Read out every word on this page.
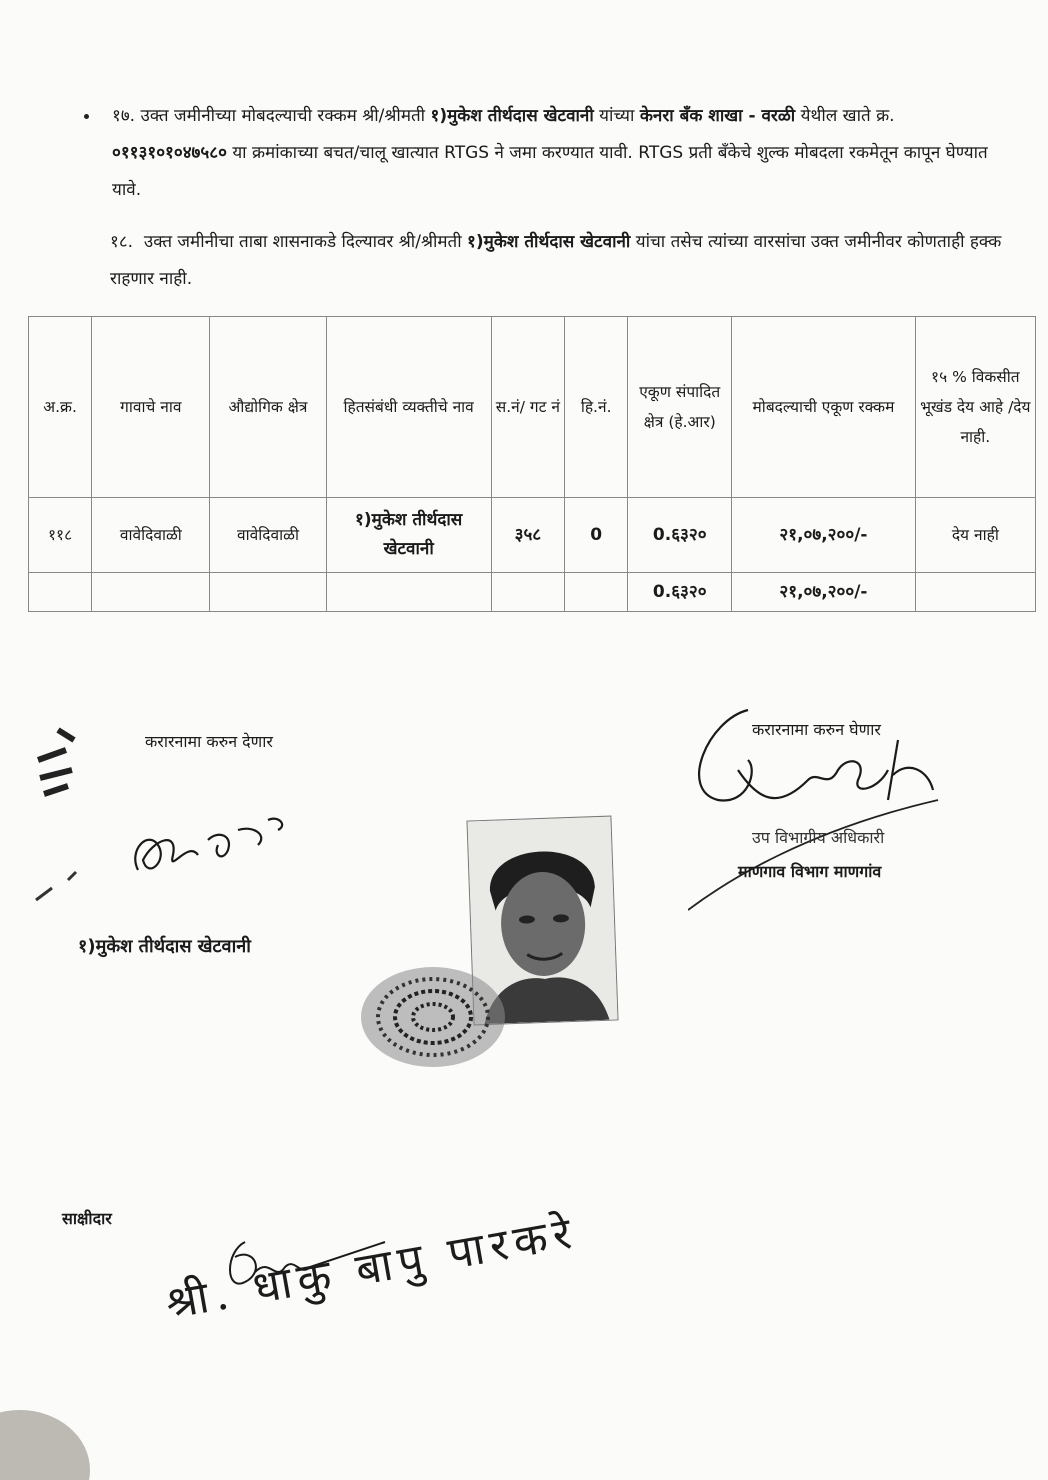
१७. उक्त जमीनीच्या मोबदल्याची रक्कम श्री/श्रीमती १)मुकेश तीर्थदास खेटवानी यांच्या केनरा बँक शाखा - वरळी येथील खाते क्र. ०११३१०१०४७५८० या क्रमांकाच्या बचत/चालू खात्यात RTGS ने जमा करण्यात यावी. RTGS प्रती बँकेचे शुल्क मोबदला रकमेतून कापून घेण्यात यावे.
१८. उक्त जमीनीचा ताबा शासनाकडे दिल्यावर श्री/श्रीमती १)मुकेश तीर्थदास खेटवानी यांचा तसेच त्यांच्या वारसांचा उक्त जमीनीवर कोणताही हक्क राहणार नाही.
अ.क्र.	गावाचे नाव	औद्योगिक क्षेत्र	हितसंबंधी व्यक्तीचे नाव	स.नं/ गट नं	हि.नं.	एकूण संपादित क्षेत्र (हे.आर)	मोबदल्याची एकूण रक्कम	१५ % विकसीत भूखंड देय आहे /देय नाही.
११८	वावेदिवाळी	वावेदिवाळी	१)मुकेश तीर्थदास खेटवानी	३५८	0	0.६३२०	२१,०७,२००/-	देय नाही
						0.६३२०	२१,०७,२००/-	
करारनामा करुन देणार
१)मुकेश तीर्थदास खेटवानी
करारनामा करुन घेणार
उप विभागीय अधिकारी
माणगाव विभाग माणगांव
साक्षीदार श्री. धाकु बापु पारकरे
